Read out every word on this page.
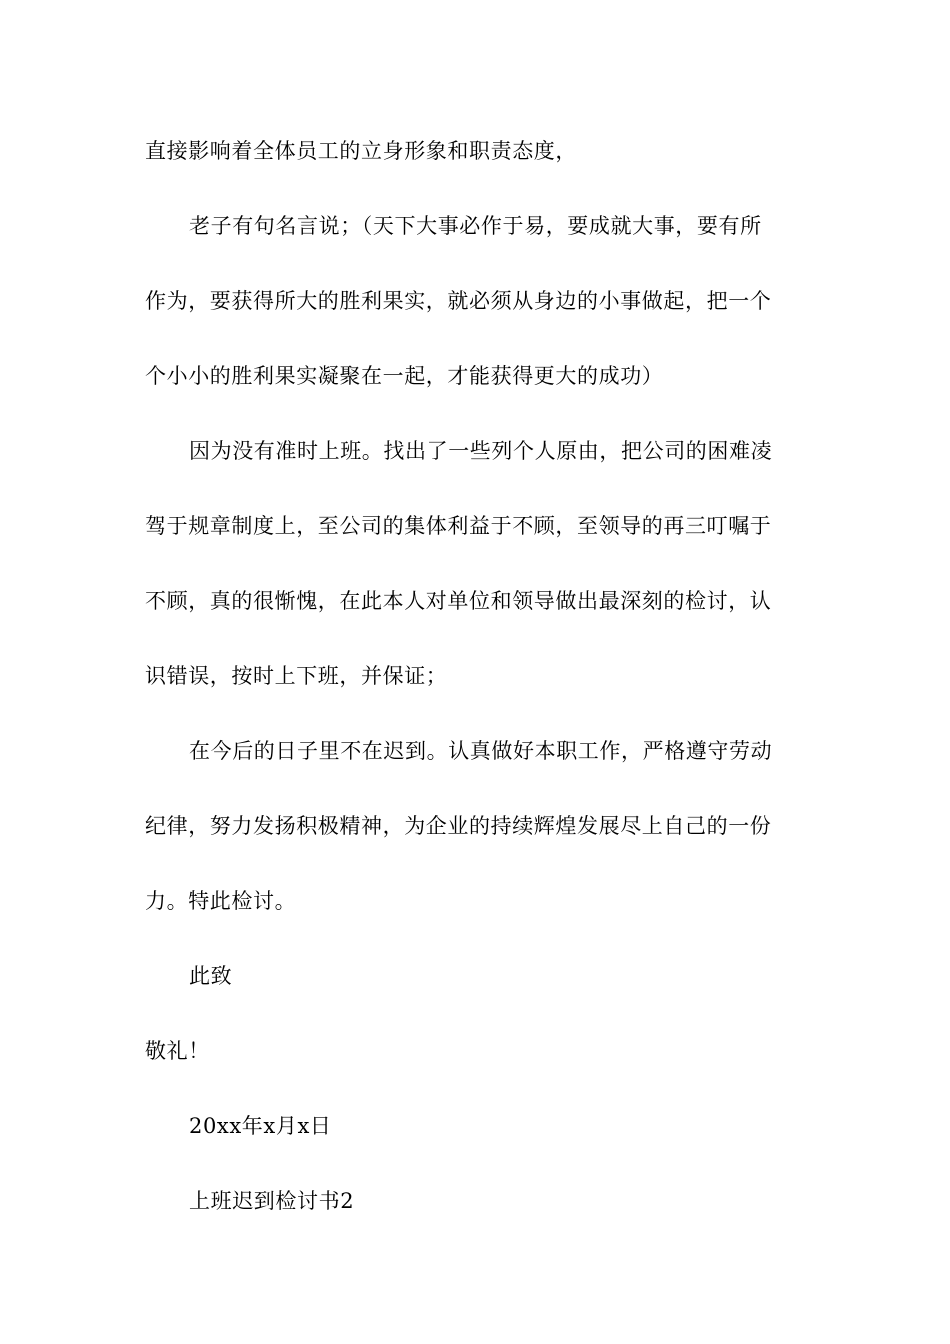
直接影响着全体员工的立身形象和职责态度，
老子有句名言说；（天下大事必作于易，要成就大事，要有所
作为，要获得所大的胜利果实，就必须从身边的小事做起，把一个
个小小的胜利果实凝聚在一起，才能获得更大的成功）
因为没有准时上班。找出了一些列个人原由，把公司的困难凌
驾于规章制度上，至公司的集体利益于不顾，至领导的再三叮嘱于
不顾，真的很惭愧，在此本人对单位和领导做出最深刻的检讨，认
识错误，按时上下班，并保证；
在今后的日子里不在迟到。认真做好本职工作，严格遵守劳动
纪律，努力发扬积极精神，为企业的持续辉煌发展尽上自己的一份
力。特此检讨。
此致
敬礼！
20xx年x月x日
上班迟到检讨书2
